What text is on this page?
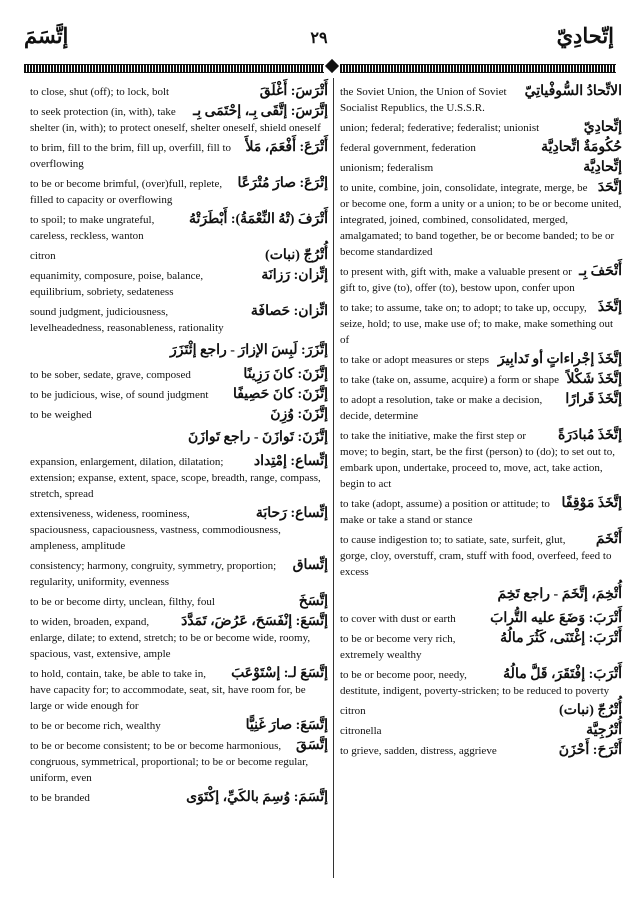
إتَّسَمَ	٢٩	إتّحادِيّ
أَتْرَسَ: أَغْلَقَ
to close, shut (off); to lock, bolt
إتَّرَسَ: إتَّقَى بِـ، إحْتَمَى بِـ
to seek protection (in, with), take shelter (in, with); to protect oneself, shelter oneself, shield oneself
أَتْرَعَ: أَفْعَمَ، مَلأَ
to brim, fill to the brim, fill up, overfill, fill to overflowing
إتْرَعَ: صارَ مُتْرَعًا
to be or become brimful, (over)full, replete, filled to capacity or overflowing
أَتْرَفَ (تْهُ النِّعْمَةُ): أَبْطَرَتْهُ
to spoil; to make ungrateful, careless, reckless, wanton
أُتْرُجّ (نبات)
citron
إتِّزان: رَزانَة
equanimity, composure, poise, balance, equilibrium, sobriety, sedateness
اتِّزان: حَصافَة
sound judgment, judiciousness, levelheadedness, reasonableness, rationality
إتَّزَرَ: لَبِسَ الإزارَ - راجع إئْتَزَرَ
إتَّزَنَ: كانَ رَزِينًا
to be sober, sedate, grave, composed
إتَّزَنَ: كانَ حَصِيفًا
to be judicious, wise, of sound judgment
إتَّزَنَ: وُزِنَ
to be weighed
إتَّزَنَ: تَوازَنَ - راجع تَوازَنَ
إتِّساع: إمْتِداد
expansion, enlargement, dilation, dilatation; extension; expanse, extent, space, scope, breadth, range, compass, stretch, spread
إتِّساع: رَحابَة
extensiveness, wideness, roominess, spaciousness, capaciousness, vastness, commodiousness, ampleness, amplitude
إتِّساق
consistency; harmony, congruity, symmetry, proportion; regularity, uniformity, evenness
إتَّسَخَ
to be or become dirty, unclean, filthy, foul
إتَّسَعَ: إنْفَسَحَ، عَرُضَ، تَمَدَّدَ
to widen, broaden, expand, enlarge, dilate; to extend, stretch; to be or become wide, roomy, spacious, vast, extensive, ample
إتَّسَعَ لـ: إسْتَوْعَبَ
to hold, contain, take, be able to take in, have capacity for; to accommodate, seat, sit, have room for, be large or wide enough for
إتَّسَعَ: صارَ غَنِيًّا
to be or become rich, wealthy
إتَّسَقَ
to be or become consistent; to be or become harmonious, congruous, symmetrical, proportional; to be or become regular, uniform, even
إتَّسَمَ: وُسِمَ بالكَيِّ، إكْتَوَى
to be branded
الاتِّحادُ السُّوفْياتِيّ
the Soviet Union, the Union of Soviet Socialist Republics, the U.S.S.R.
إتِّحادِيّ
union; federal; federative; federalist; unionist
حُكُومَةٌ اتِّحادِيَّة
federal government, federation
إتِّحادِيَّة
unionism; federalism
إتَّحَدَ
to unite, combine, join, consolidate, integrate, merge, be or become one, form a unity or a union; to be or become united, integrated, joined, combined, consolidated, merged, amalgamated; to band together, be or become banded; to be or become standardized
أَتْحَفَ بِـ
to present with, gift with, make a valuable present or gift to, give (to), offer (to), bestow upon, confer upon
إتَّخَذَ
to take; to assume, take on; to adopt; to take up, occupy, seize, hold; to use, make use of; to make, make something out of
إتَّخَذَ إجْراءاتٍ أو تَدابِيرَ
to take or adopt measures or steps
إتَّخَذَ شَكْلاً
to take (take on, assume, acquire) a form or shape
إتَّخَذَ قَرارًا
to adopt a resolution, take or make a decision, decide, determine
إتَّخَذَ مُبادَرَةً
to take the initiative, make the first step or move; to begin, start, be the first (person) to (do); to set out to, embark upon, undertake, proceed to, move, act, take action, begin to act
إتَّخَذَ مَوْقِفًا
to take (adopt, assume) a position or attitude; to make or take a stand or stance
أَتْخَمَ
to cause indigestion to; to satiate, sate, surfeit, glut, gorge, cloy, overstuff, cram, stuff with food, overfeed, feed to excess
أُتْخِمَ، إتَّخَمَ - راجع تَخِمَ
أَتْرَبَ: وَضَعَ عليه التُّرابَ
to cover with dust or earth
أَتْرَبَ: إغْتَنَى، كَثُرَ مالُهُ
to be or become very rich, extremely wealthy
أَتْرَبَ: إفْتَقَرَ، قَلَّ مالُهُ
to be or become poor, needy, destitute, indigent, poverty-stricken; to be reduced to poverty
أُتْرُجّ (نبات)
citron
أُتْرُجِيَّة
citronella
أَتْرَحَ: أَحْزَنَ
to grieve, sadden, distress, aggrieve
